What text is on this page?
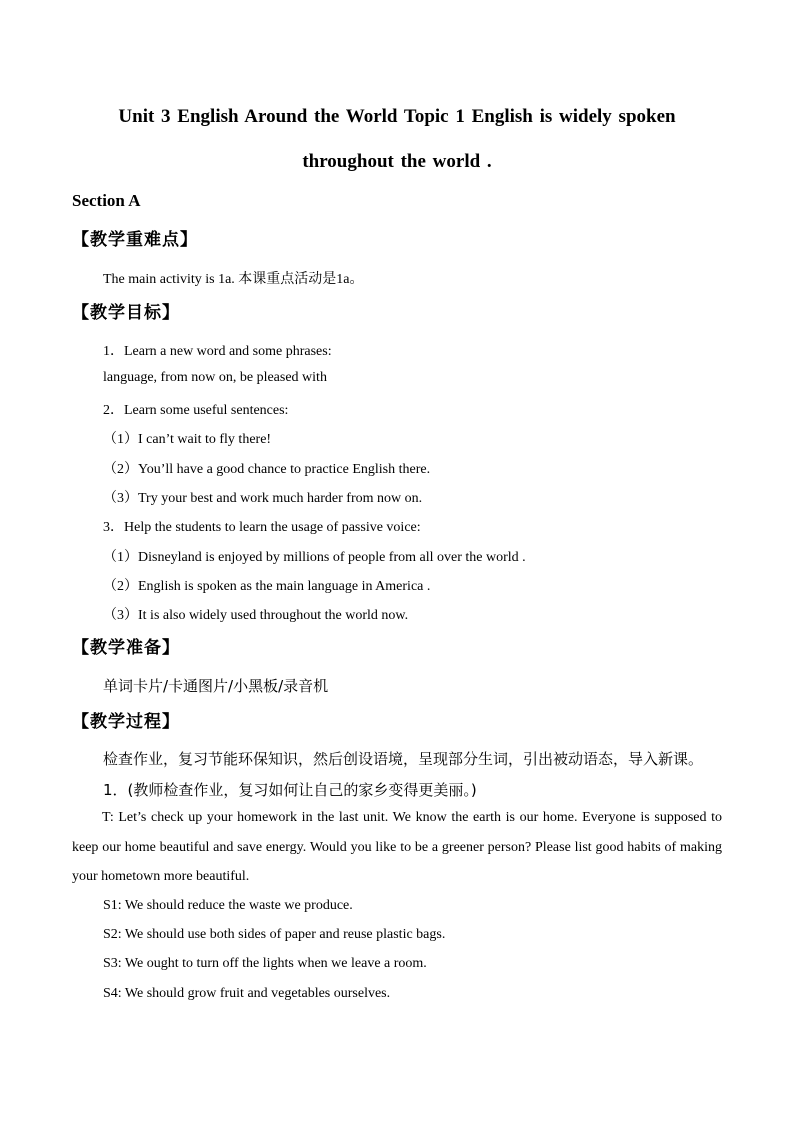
Unit 3 English Around the World Topic 1 English is widely spoken
throughout the world .
Section A
【教学重难点】
The main activity is 1a. 本课重点活动是1a。
【教学目标】
1．Learn a new word and some phrases:
language, from now on, be pleased with
2．Learn some useful sentences:
（1）I can’t wait to fly there!
（2）You’ll have a good chance to practice English there.
（3）Try your best and work much harder from now on.
3．Help the students to learn the usage of passive voice:
（1）Disneyland is enjoyed by millions of people from all over the world .
（2）English is spoken as the main language in America .
（3）It is also widely used throughout the world now.
【教学准备】
单词卡片/卡通图片/小黑板/录音机
【教学过程】
检查作业，复习节能环保知识，然后创设语境，呈现部分生词，引出被动语态，导入新课。
1．(教师检查作业，复习如何让自己的家乡变得更美丽。)
T: Let’s check up your homework in the last unit. We know the earth is our home. Everyone is supposed to keep our home beautiful and save energy. Would you like to be a greener person? Please list good habits of making your hometown more beautiful.
S1: We should reduce the waste we produce.
S2: We should use both sides of paper and reuse plastic bags.
S3: We ought to turn off the lights when we leave a room.
S4: We should grow fruit and vegetables ourselves.
